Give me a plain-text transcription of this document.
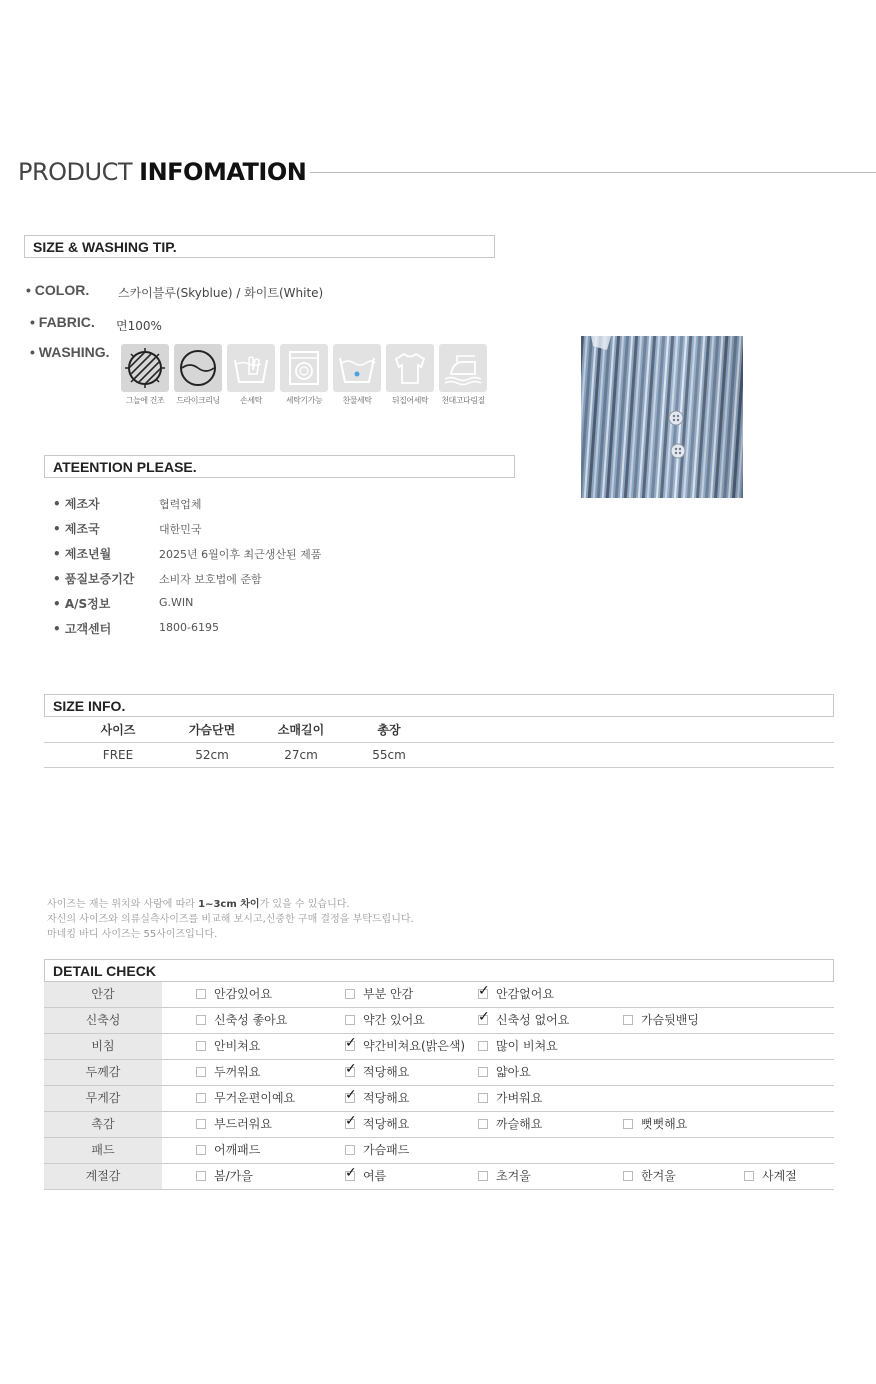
PRODUCT INFOMATION
SIZE & WASHING TIP.
• COLOR. 스카이블루(Skyblue) / 화이트(White)
• FABRIC. 면100%
• WASHING.
그늘에 건조	드라이크리닝	손세탁	세탁기가능	찬물세탁	뒤집어세탁	천대고다림질
ATEENTION PLEASE.
• 제조자	협력업체
• 제조국	대한민국
• 제조년월	2025년 6월이후 최근생산된 제품
• 품질보증기간 소비자 보호법에 준함
• A/S정보	G.WIN
• 고객센터	1800-6195
SIZE INFO.
사이즈	가슴단면	소매길이	총장
FREE	52cm	27cm	55cm
사이즈는 재는 위치와 사람에 따라 1~3cm 차이가 있을 수 있습니다.
자신의 사이즈와 의류실측사이즈를 비교해 보시고,신중한 구매 결정을 부탁드립니다.
마네킹 바디 사이즈는 55사이즈입니다.
DETAIL CHECK
안감	안감있어요	부분 안감 ✓	안감없어요
신축성	신축성 좋아요	약간 있어요 ✓	신축성 없어요	가슴뒷밴딩
비침	안비쳐요 ✓	약간비쳐요(밝은색)	많이 비쳐요
두께감	두꺼워요 ✓	적당해요	얇아요
무게감	무거운편이예요 ✓	적당해요	가벼워요
촉감	부드러워요 ✓	적당해요	까슬해요	뻣뻣해요
패드	어깨패드	가슴패드
계절감	봄/가을 ✓	여름	초겨울	한겨울	사계절
